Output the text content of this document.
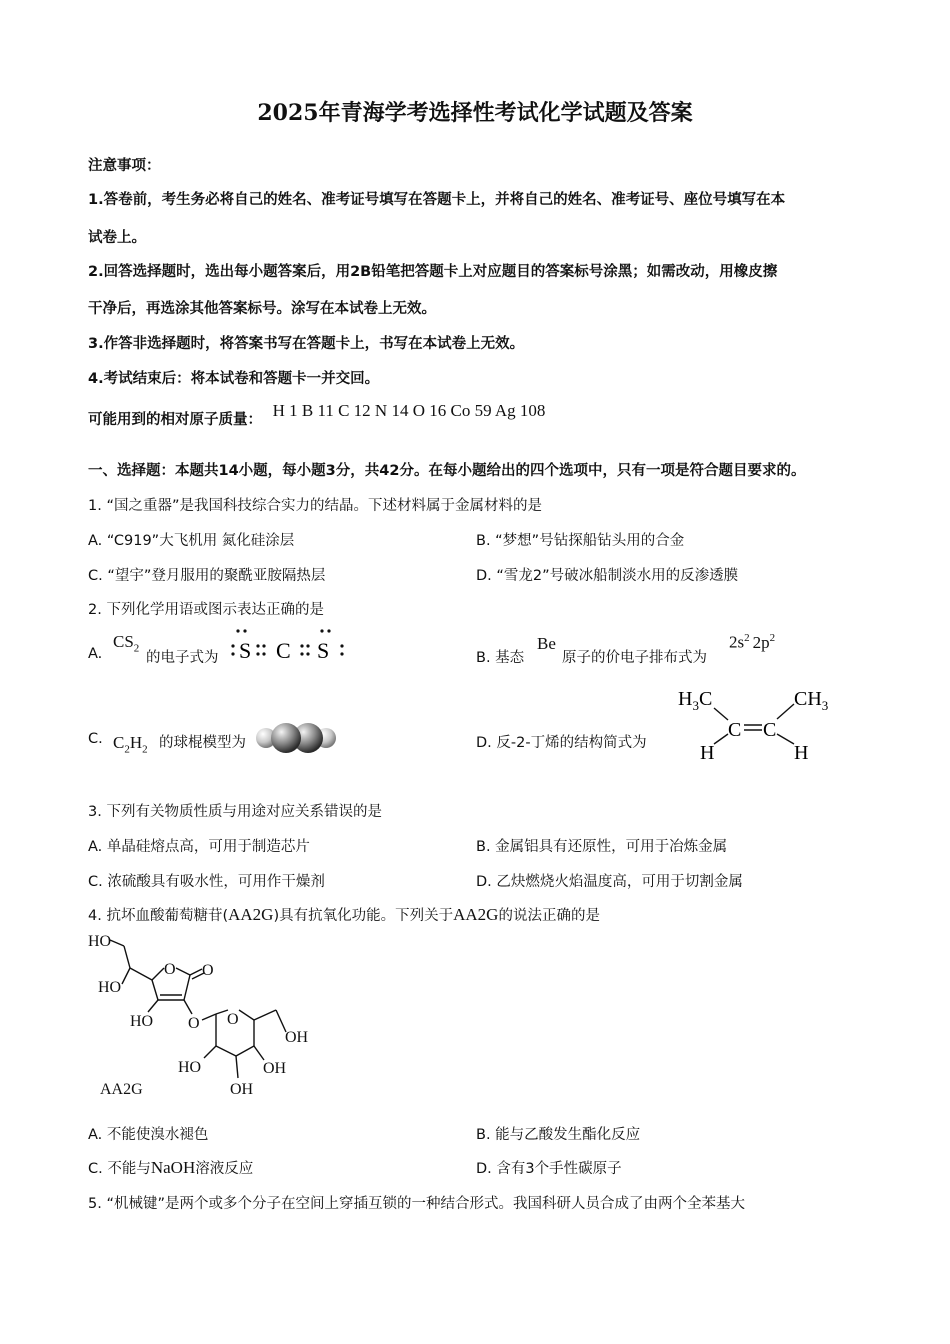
2025年青海学考选择性考试化学试题及答案
注意事项：
1.答卷前，考生务必将自己的姓名、准考证号填写在答题卡上，并将自己的姓名、准考证号、座位号填写在本
试卷上。
2.回答选择题时，选出每小题答案后，用2B铅笔把答题卡上对应题目的答案标号涂黑；如需改动，用橡皮擦
干净后，再选涂其他答案标号。涂写在本试卷上无效。
3.作答非选择题时，将答案书写在答题卡上，书写在本试卷上无效。
4.考试结束后：将本试卷和答题卡一并交回。
可能用到的相对原子质量： H 1 B 11 C 12 N 14 O 16 Co 59 Ag 108
一、选择题：本题共14小题，每小题3分，共42分。在每小题给出的四个选项中，只有一项是符合题目要求的。
1. “国之重器”是我国科技综合实力的结晶。下述材料属于金属材料的是
A. “C919”大飞机用 氮化硅涂层	B. “梦想”号钻探船钻头用的合金
C. “望宇”登月服用的聚酰亚胺隔热层	D. “雪龙2”号破冰船制淡水用的反渗透膜
2. 下列化学用语或图示表达正确的是
A.
$CS_2$
的电子式为 S C S	B. 基态
Be
原子的价电子排布式为
$2s^2$ $2p^2$
C. $C_2H_2$ 的球棍模型为	D. 反-2-丁烯的结构简式为
$H_3C$	$CH_3$
C C
H	H
3. 下列有关物质性质与用途对应关系错误的是
A. 单晶硅熔点高，可用于制造芯片	B. 金属铝具有还原性，可用于冶炼金属
C. 浓硫酸具有吸水性，可用作干燥剂	D. 乙炔燃烧火焰温度高，可用于切割金属
4. 抗坏血酸葡萄糖苷(AA2G)具有抗氧化功能。下列关于AA2G的说法正确的是
HO
HO
HO
O O
O O
OH
HO	OH
OH
AA2G
A. 不能使溴水褪色	B. 能与乙酸发生酯化反应
C. 不能与NaOH溶液反应	D. 含有3个手性碳原子
5. “机械键”是两个或多个分子在空间上穿插互锁的一种结合形式。我国科研人员合成了由两个全苯基大
